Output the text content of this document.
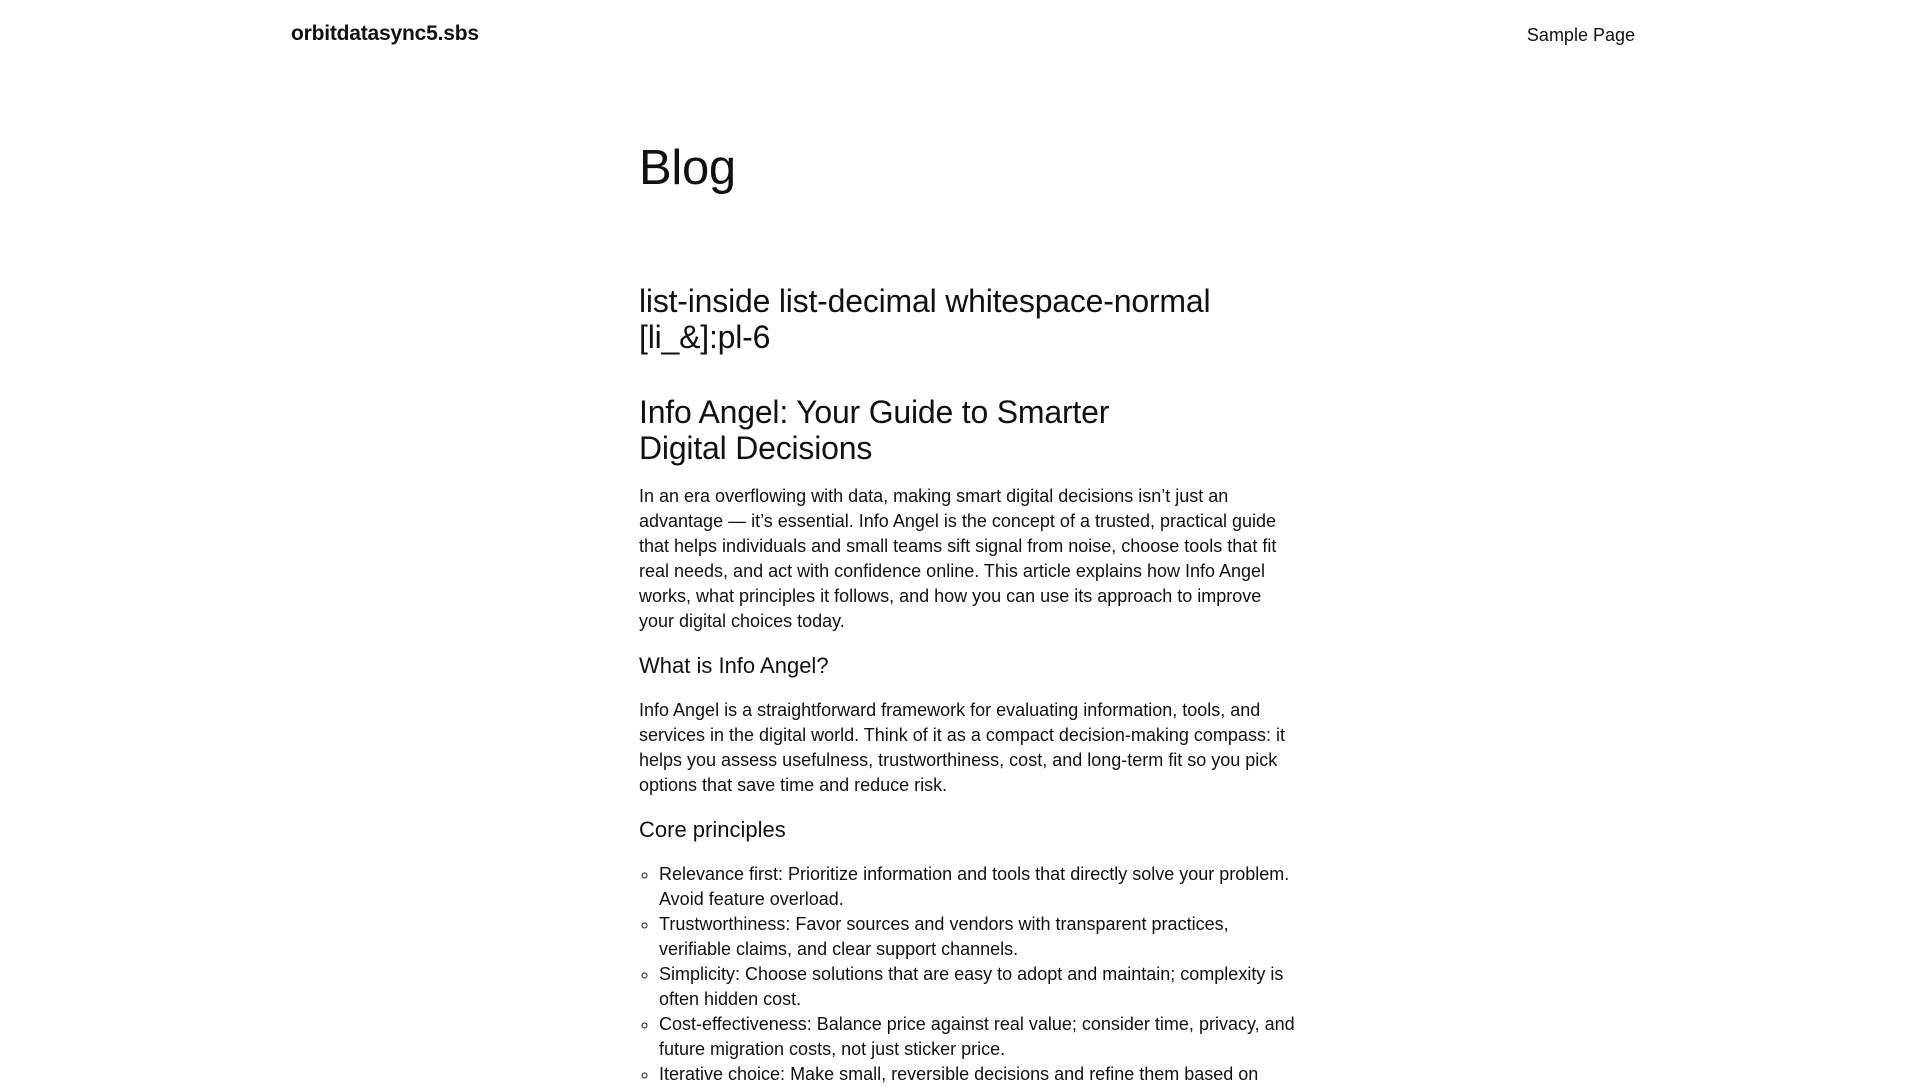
orbitdatasync5.sbs	Sample Page
Blog
list-inside list-decimal whitespace-normal [li_&]:pl-6
Info Angel: Your Guide to Smarter Digital Decisions

In an era overflowing with data, making smart digital decisions isn’t just an advantage — it’s essential. Info Angel is the concept of a trusted, practical guide that helps individuals and small teams sift signal from noise, choose tools that fit real needs, and act with confidence online. This article explains how Info Angel works, what principles it follows, and how you can use its approach to improve your digital choices today.

What is Info Angel?

Info Angel is a straightforward framework for evaluating information, tools, and services in the digital world. Think of it as a compact decision-making compass: it helps you assess usefulness, trustworthiness, cost, and long-term fit so you pick options that save time and reduce risk.

Core principles
◦ Relevance first: Prioritize information and tools that directly solve your problem. Avoid feature overload.
◦ Trustworthiness: Favor sources and vendors with transparent practices, verifiable claims, and clear support channels.
◦ Simplicity: Choose solutions that are easy to adopt and maintain; complexity is often hidden cost.
◦ Cost-effectiveness: Balance price against real value; consider time, privacy, and future migration costs, not just sticker price.
◦ Iterative choice: Make small, reversible decisions and refine them based on
